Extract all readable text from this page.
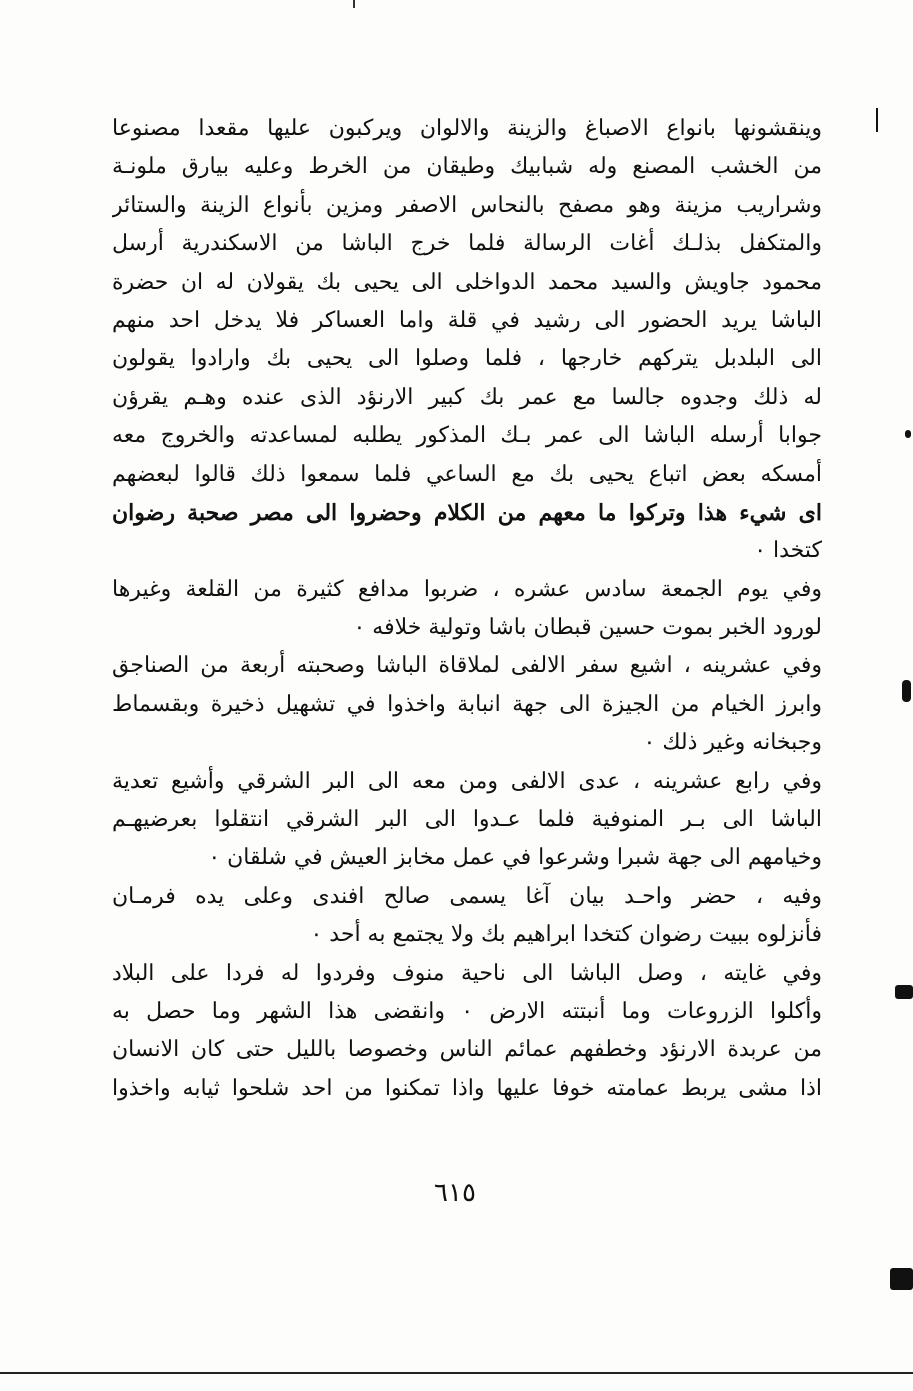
وينقشونها بانواع الاصباغ والزينة والالوان ويركبون عليها مقعدا مصنوعا
من الخشب المصنع وله شبابيك وطيقان من الخرط وعليه بيارق ملونـة
وشراريب مزينة وهو مصفح بالنحاس الاصفر ومزين بأنواع الزينة والستائر
والمتكفل بذلـك أغات الرسالة فلما خرج الباشا من الاسكندرية أرسل
محمود جاويش والسيد محمد الدواخلى الى يحيى بك يقولان له ان حضرة
الباشا يريد الحضور الى رشيد في قلة واما العساكر فلا يدخل احد منهم
الى البلدبل يتركهم خارجها ، فلما وصلوا الى يحيى بك وارادوا يقولون
له ذلك وجدوه جالسا مع عمر بك كبير الارنؤد الذى عنده وهـم يقرؤن
جوابا أرسله الباشا الى عمر بـك المذكور يطلبه لمساعدته والخروج معه
أمسكه بعض اتباع يحيى بك مع الساعي فلما سمعوا ذلك قالوا لبعضهم
اى شيء هذا وتركوا ما معهم من الكلام وحضروا الى مصر صحبة رضوان
كتخدا ٠
وفي يوم الجمعة سادس عشره ، ضربوا مدافع كثيرة من القلعة وغيرها
لورود الخبر بموت حسين قبطان باشا وتولية خلافه ٠
وفي عشرينه ، اشيع سفر الالفى لملاقاة الباشا وصحبته أربعة من الصناجق
وابرز الخيام من الجيزة الى جهة انبابة واخذوا في تشهيل ذخيرة وبقسماط
وجبخانه وغير ذلك ٠
وفي رابع عشرينه ، عدى الالفى ومن معه الى البر الشرقي وأشيع تعدية
الباشا الى بـر المنوفية فلما عـدوا الى البر الشرقي انتقلوا بعرضيهـم
وخيامهم الى جهة شبرا وشرعوا في عمل مخابز العيش في شلقان ٠
وفيه ، حضر واحـد بيان آغا يسمى صالح افندى وعلى يده فرمـان
فأنزلوه ببيت رضوان كتخدا ابراهيم بك ولا يجتمع به أحد ٠
وفي غايته ، وصل الباشا الى ناحية منوف وفردوا له فردا على البلاد
وأكلوا الزروعات وما أنبتته الارض ٠ وانقضى هذا الشهر وما حصل به
من عربدة الارنؤد وخطفهم عمائم الناس وخصوصا بالليل حتى كان الانسان
اذا مشى يربط عمامته خوفا عليها واذا تمكنوا من احد شلحوا ثيابه واخذوا
٦١٥
